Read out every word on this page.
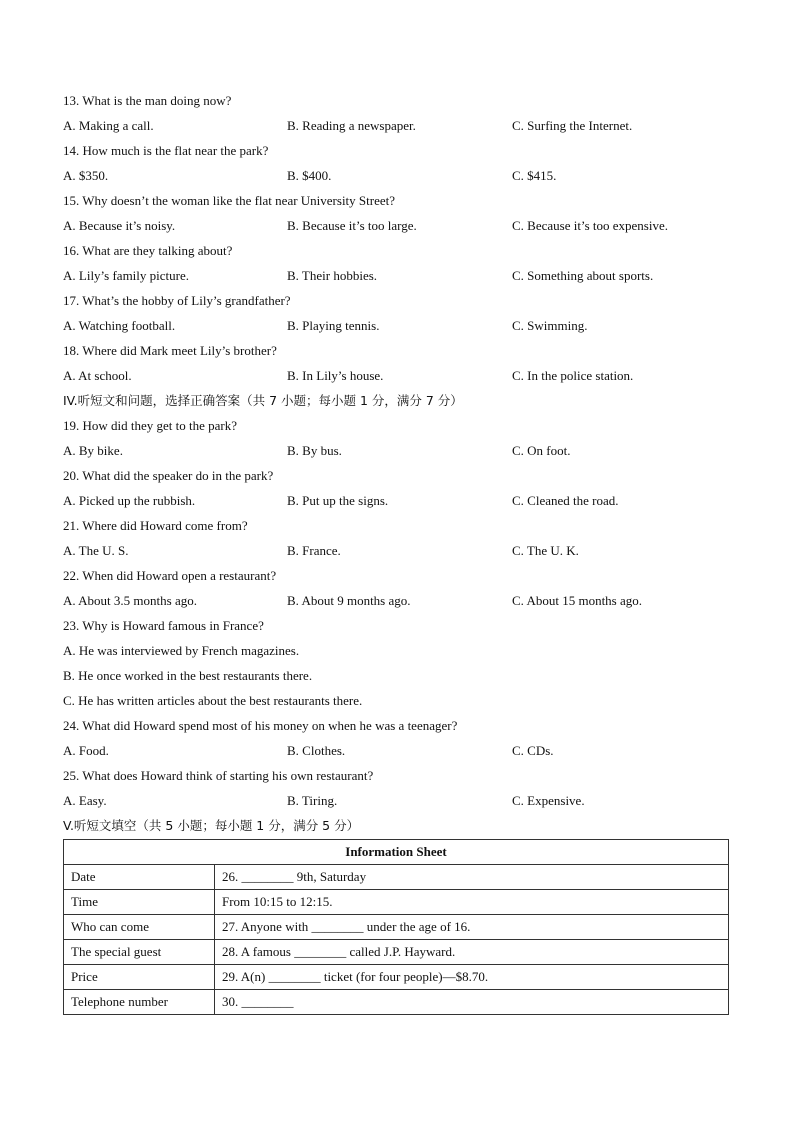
13. What is the man doing now?
A. Making a call.	B. Reading a newspaper.	C. Surfing the Internet.
14. How much is the flat near the park?
A. $350.	B. $400.	C. $415.
15. Why doesn’t the woman like the flat near University Street?
A. Because it’s noisy.	B. Because it’s too large.	C. Because it’s too expensive.
16. What are they talking about?
A. Lily’s family picture.	B. Their hobbies.	C. Something about sports.
17. What’s the hobby of Lily’s grandfather?
A. Watching football.	B. Playing tennis.	C. Swimming.
18. Where did Mark meet Lily’s brother?
A. At school.	B. In Lily’s house.	C. In the police station.
IV.听短文和问题，选择正确答案（共 7 小题；每小题 1 分，满分 7 分）
19. How did they get to the park?
A. By bike.	B. By bus.	C. On foot.
20. What did the speaker do in the park?
A. Picked up the rubbish.	B. Put up the signs.	C. Cleaned the road.
21. Where did Howard come from?
A. The U. S.	B. France.	C. The U. K.
22. When did Howard open a restaurant?
A. About 3.5 months ago.	B. About 9 months ago.	C. About 15 months ago.
23. Why is Howard famous in France?
A. He was interviewed by French magazines.
B. He once worked in the best restaurants there.
C. He has written articles about the best restaurants there.
24. What did Howard spend most of his money on when he was a teenager?
A. Food.	B. Clothes.	C. CDs.
25. What does Howard think of starting his own restaurant?
A. Easy.	B. Tiring.	C. Expensive.
V.听短文填空（共 5 小题；每小题 1 分，满分 5 分）
Information Sheet	
Date	26. ________ 9th, Saturday
Time	From 10:15 to 12:15.
Who can come	27. Anyone with ________ under the age of 16.
The special guest	28. A famous ________ called J.P. Hayward.
Price	29. A(n) ________ ticket (for four people)—$8.70.
Telephone number	30. ________
